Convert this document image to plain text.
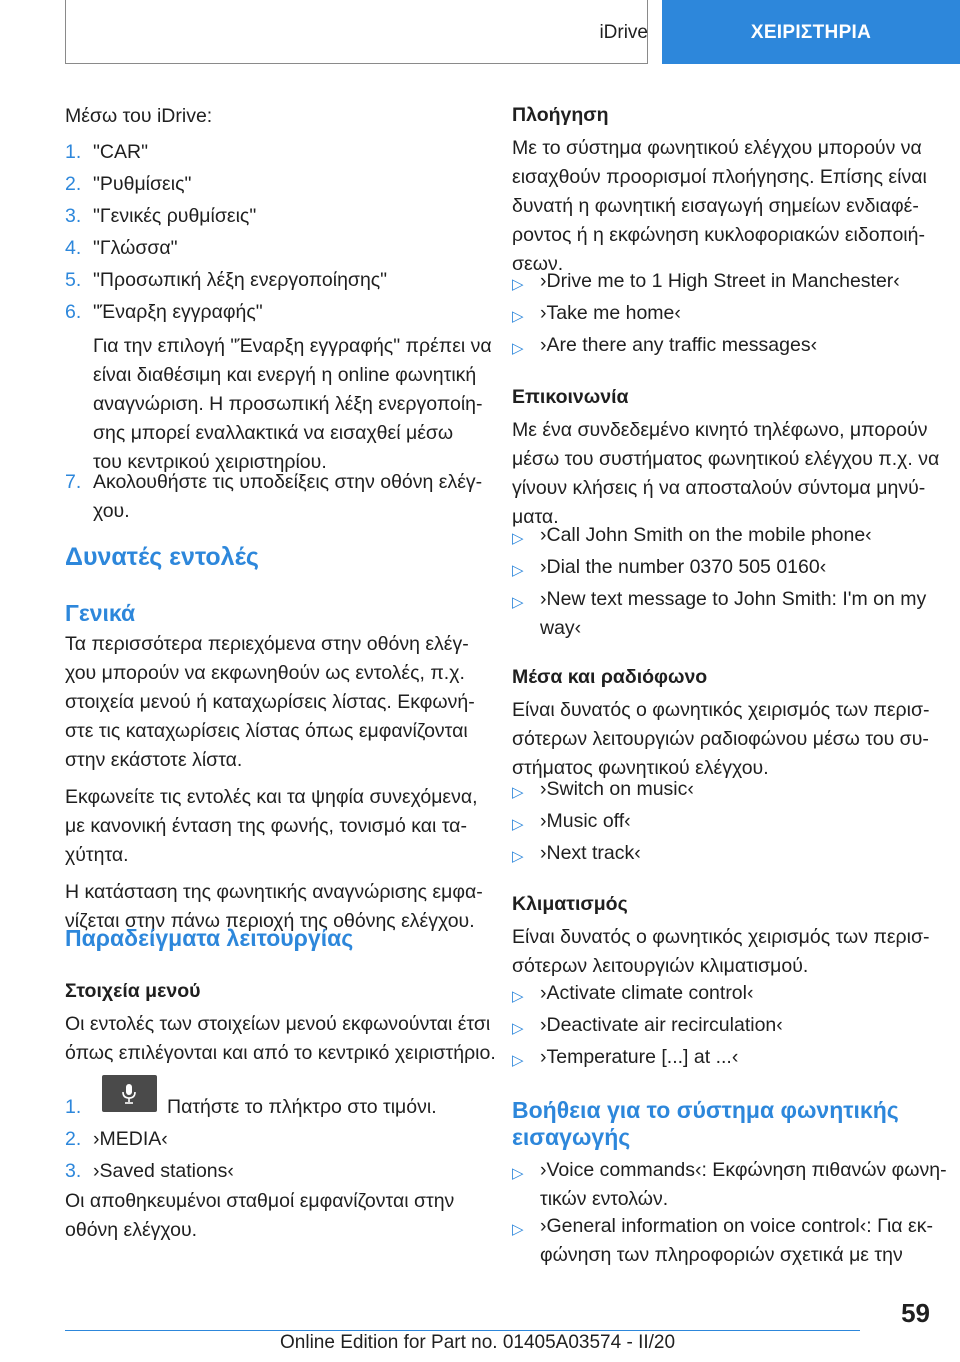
iDrive	ΧΕΙΡΙΣΤΗΡΙΑ
Μέσω του iDrive:
1. "CAR"
2. "Ρυθμίσεις"
3. "Γενικές ρυθμίσεις"
4. "Γλώσσα"
5. "Προσωπική λέξη ενεργοποίησης"
6. "Έναρξη εγγραφής"
Για την επιλογή "Έναρξη εγγραφής" πρέπει να
είναι διαθέσιμη και ενεργή η online φωνητική
αναγνώριση. Η προσωπική λέξη ενεργοποίη-
σης μπορεί εναλλακτικά να εισαχθεί μέσω
του κεντρικού χειριστηρίου.
7. Ακολουθήστε τις υποδείξεις στην οθόνη ελέγ-
χου.
Δυνατές εντολές
Γενικά
Τα περισσότερα περιεχόμενα στην οθόνη ελέγ-
χου μπορούν να εκφωνηθούν ως εντολές, π.χ.
στοιχεία μενού ή καταχωρίσεις λίστας. Εκφωνή-
στε τις καταχωρίσεις λίστας όπως εμφανίζονται
στην εκάστοτε λίστα.
Εκφωνείτε τις εντολές και τα ψηφία συνεχόμενα,
με κανονική ένταση της φωνής, τονισμό και τα-
χύτητα.
Η κατάσταση της φωνητικής αναγνώρισης εμφα-
νίζεται στην πάνω περιοχή της οθόνης ελέγχου.
Παραδείγματα λειτουργίας
Στοιχεία μενού
Οι εντολές των στοιχείων μενού εκφωνούνται έτσι
όπως επιλέγονται και από το κεντρικό χειριστήριο.
1.	Πατήστε το πλήκτρο στο τιμόνι.
2. ›MEDIA‹
3. ›Saved stations‹
Οι αποθηκευμένοι σταθμοί εμφανίζονται στην
οθόνη ελέγχου.
Πλοήγηση
Με το σύστημα φωνητικού ελέγχου μπορούν να
εισαχθούν προορισμοί πλοήγησης. Επίσης είναι
δυνατή η φωνητική εισαγωγή σημείων ενδιαφέ-
ροντος ή η εκφώνηση κυκλοφοριακών ειδοποιή-
σεων.
▷ ›Drive me to 1 High Street in Manchester‹
▷ ›Take me home‹
▷ ›Are there any traffic messages‹
Επικοινωνία
Με ένα συνδεδεμένο κινητό τηλέφωνο, μπορούν
μέσω του συστήματος φωνητικού ελέγχου π.χ. να
γίνουν κλήσεις ή να αποσταλούν σύντομα μηνύ-
ματα.
▷ ›Call John Smith on the mobile phone‹
▷ ›Dial the number 0370 505 0160‹
▷ ›New text message to John Smith: I'm on my
way‹
Μέσα και ραδιόφωνο
Είναι δυνατός ο φωνητικός χειρισμός των περισ-
σότερων λειτουργιών ραδιοφώνου μέσω του συ-
στήματος φωνητικού ελέγχου.
▷ ›Switch on music‹
▷ ›Music off‹
▷ ›Next track‹
Κλιματισμός
Είναι δυνατός ο φωνητικός χειρισμός των περισ-
σότερων λειτουργιών κλιματισμού.
▷ ›Activate climate control‹
▷ ›Deactivate air recirculation‹
▷ ›Temperature [...] at ...‹
Βοήθεια για το σύστημα φωνητικής
εισαγωγής
▷ ›Voice commands‹: Εκφώνηση πιθανών φωνη-
τικών εντολών.
▷ ›General information on voice control‹: Για εκ-
φώνηση των πληροφοριών σχετικά με την
59
Online Edition for Part no. 01405A03574 - II/20
